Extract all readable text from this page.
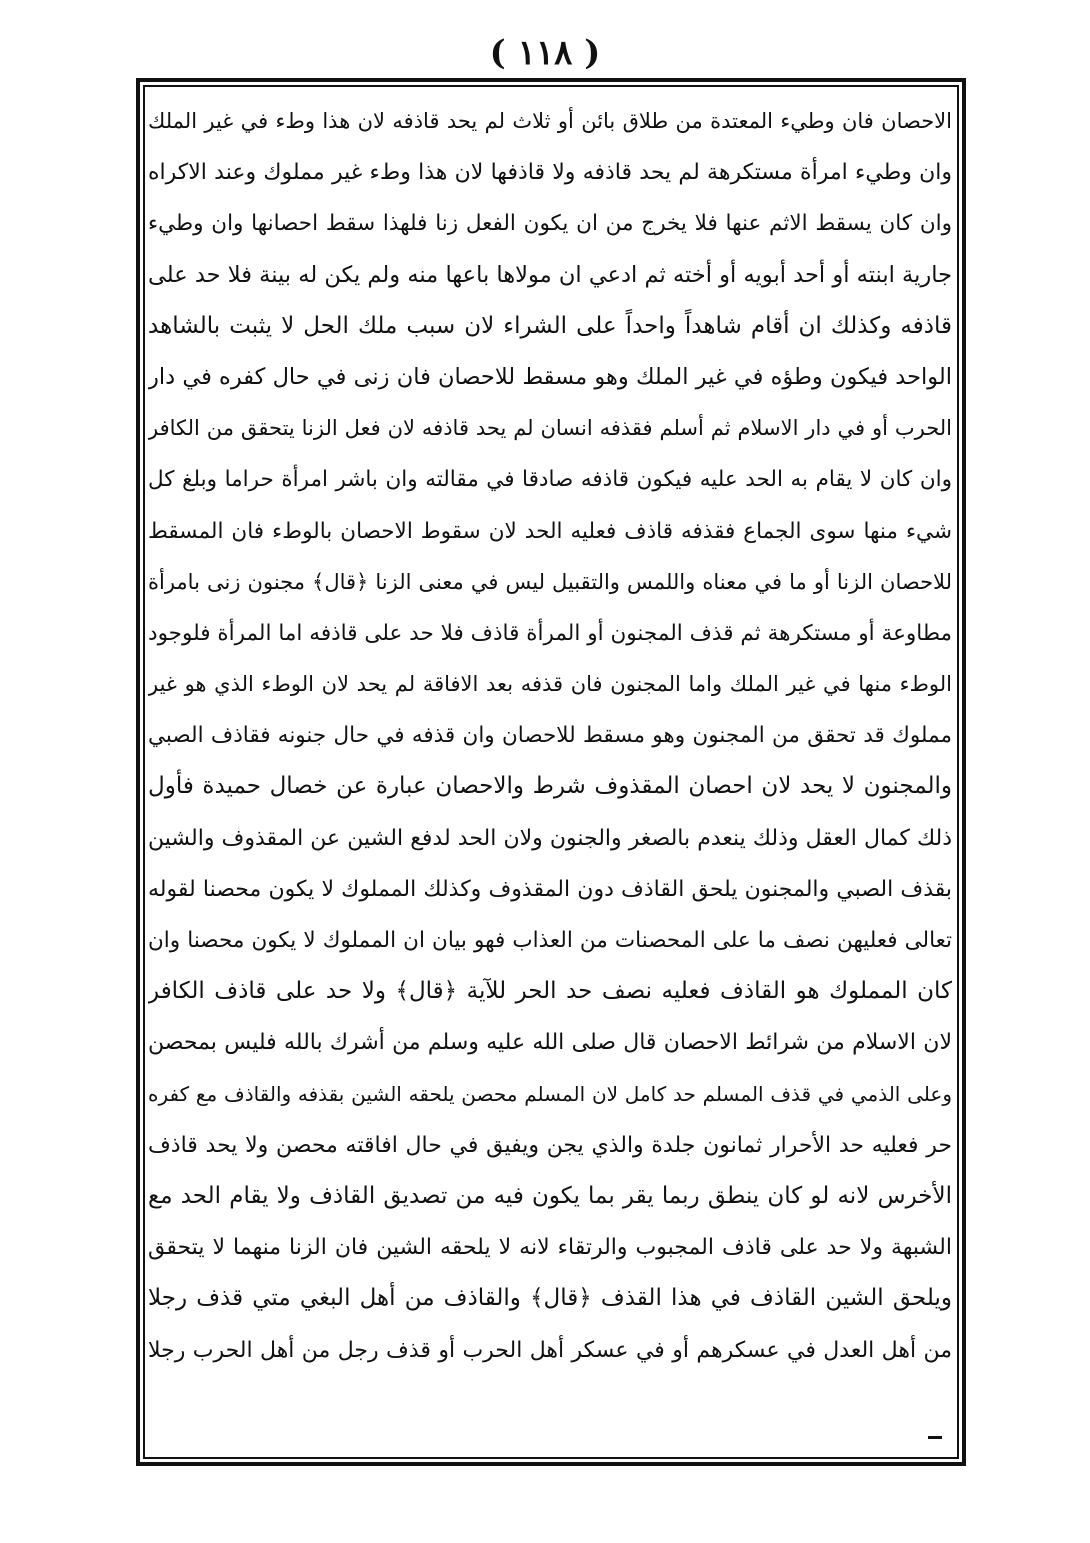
( ١١٨ )
الاحصان فان وطيء المعتدة من طلاق بائن أو ثلاث لم يحد قاذفه لان هذا وطء في غير الملك
وان وطيء امرأة مستكرهة لم يحد قاذفه ولا قاذفها لان هذا وطء غير مملوك وعند الاكراه
وان كان يسقط الاثم عنها فلا يخرج من ان يكون الفعل زنا فلهذا سقط احصانها وان وطيء
جارية ابنته أو أحد أبويه أو أخته ثم ادعي ان مولاها باعها منه ولم يكن له بينة فلا حد على
قاذفه وكذلك ان أقام شاهداً واحداً على الشراء لان سبب ملك الحل لا يثبت بالشاهد
الواحد فيكون وطؤه في غير الملك وهو مسقط للاحصان فان زنى في حال كفره في دار
الحرب أو في دار الاسلام ثم أسلم فقذفه انسان لم يحد قاذفه لان فعل الزنا يتحقق من الكافر
وان كان لا يقام به الحد عليه فيكون قاذفه صادقا في مقالته وان باشر امرأة حراما وبلغ كل
شيء منها سوى الجماع فقذفه قاذف فعليه الحد لان سقوط الاحصان بالوطء فان المسقط
للاحصان الزنا أو ما في معناه واللمس والتقبيل ليس في معنى الزنا ﴿قال﴾ مجنون زنى بامرأة
مطاوعة أو مستكرهة ثم قذف المجنون أو المرأة قاذف فلا حد على قاذفه اما المرأة فلوجود
الوطء منها في غير الملك واما المجنون فان قذفه بعد الافاقة لم يحد لان الوطء الذي هو غير
مملوك قد تحقق من المجنون وهو مسقط للاحصان وان قذفه في حال جنونه فقاذف الصبي
والمجنون لا يحد لان احصان المقذوف شرط والاحصان عبارة عن خصال حميدة فأول
ذلك كمال العقل وذلك ينعدم بالصغر والجنون ولان الحد لدفع الشين عن المقذوف والشين
بقذف الصبي والمجنون يلحق القاذف دون المقذوف وكذلك المملوك لا يكون محصنا لقوله
تعالى فعليهن نصف ما على المحصنات من العذاب فهو بيان ان المملوك لا يكون محصنا وان
كان المملوك هو القاذف فعليه نصف حد الحر للآية ﴿قال﴾ ولا حد على قاذف الكافر
لان الاسلام من شرائط الاحصان قال صلى الله عليه وسلم من أشرك بالله فليس بمحصن
وعلى الذمي في قذف المسلم حد كامل لان المسلم محصن يلحقه الشين بقذفه والقاذف مع كفره
حر فعليه حد الأحرار ثمانون جلدة والذي يجن ويفيق في حال افاقته محصن ولا يحد قاذف
الأخرس لانه لو كان ينطق ربما يقر بما يكون فيه من تصديق القاذف ولا يقام الحد مع
الشبهة ولا حد على قاذف المجبوب والرتقاء لانه لا يلحقه الشين فان الزنا منهما لا يتحقق
ويلحق الشين القاذف في هذا القذف ﴿قال﴾ والقاذف من أهل البغي متي قذف رجلا
من أهل العدل في عسكرهم أو في عسكر أهل الحرب أو قذف رجل من أهل الحرب رجلا
